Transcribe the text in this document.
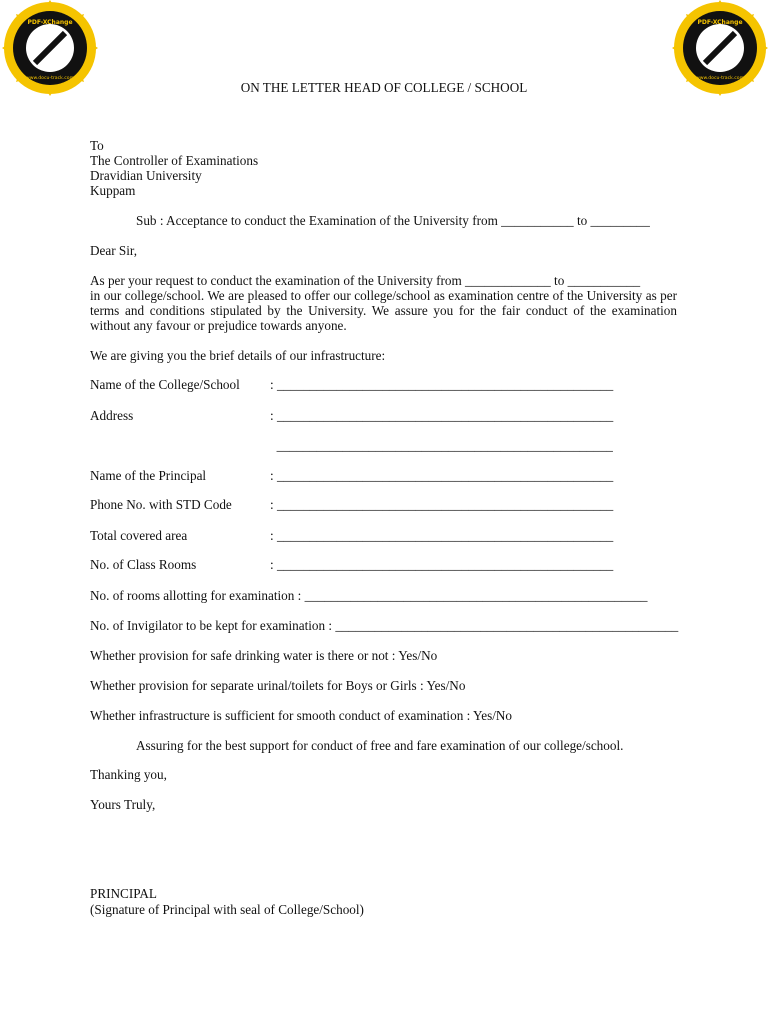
PDF-XChange
www.docu-track.com
Click to buy NOW!
PDF-XChange
www.docu-track.com
Click to buy NOW!
ON THE LETTER HEAD OF COLLEGE / SCHOOL
To
The Controller of Examinations
Dravidian University
Kuppam
Sub : Acceptance to conduct the Examination of the University from ___________ to _________
Dear Sir,
As per your request to conduct the examination of the University from _____________ to ___________
in our college/school. We are pleased to offer our college/school as examination centre of the University as per terms and conditions stipulated by the University. We assure you for the fair conduct of the examination without any favour or prejudice towards anyone.
We are giving you the brief details of our infrastructure:
Name of the College/School : ___________________________________________________
Address	: ___________________________________________________
___________________________________________________
Name of the Principal	: ___________________________________________________
Phone No. with STD Code	: ___________________________________________________
Total covered area	: ___________________________________________________
No. of Class Rooms	: ___________________________________________________
No. of rooms allotting for examination : ____________________________________________________
No. of Invigilator to be kept for examination : ____________________________________________________
Whether provision for safe drinking water is there or not : Yes/No
Whether provision for separate urinal/toilets for Boys or Girls : Yes/No
Whether infrastructure is sufficient for smooth conduct of examination : Yes/No
Assuring for the best support for conduct of free and fare examination of our college/school.
Thanking you,
Yours Truly,
PRINCIPAL
(Signature of Principal with seal of College/School)
